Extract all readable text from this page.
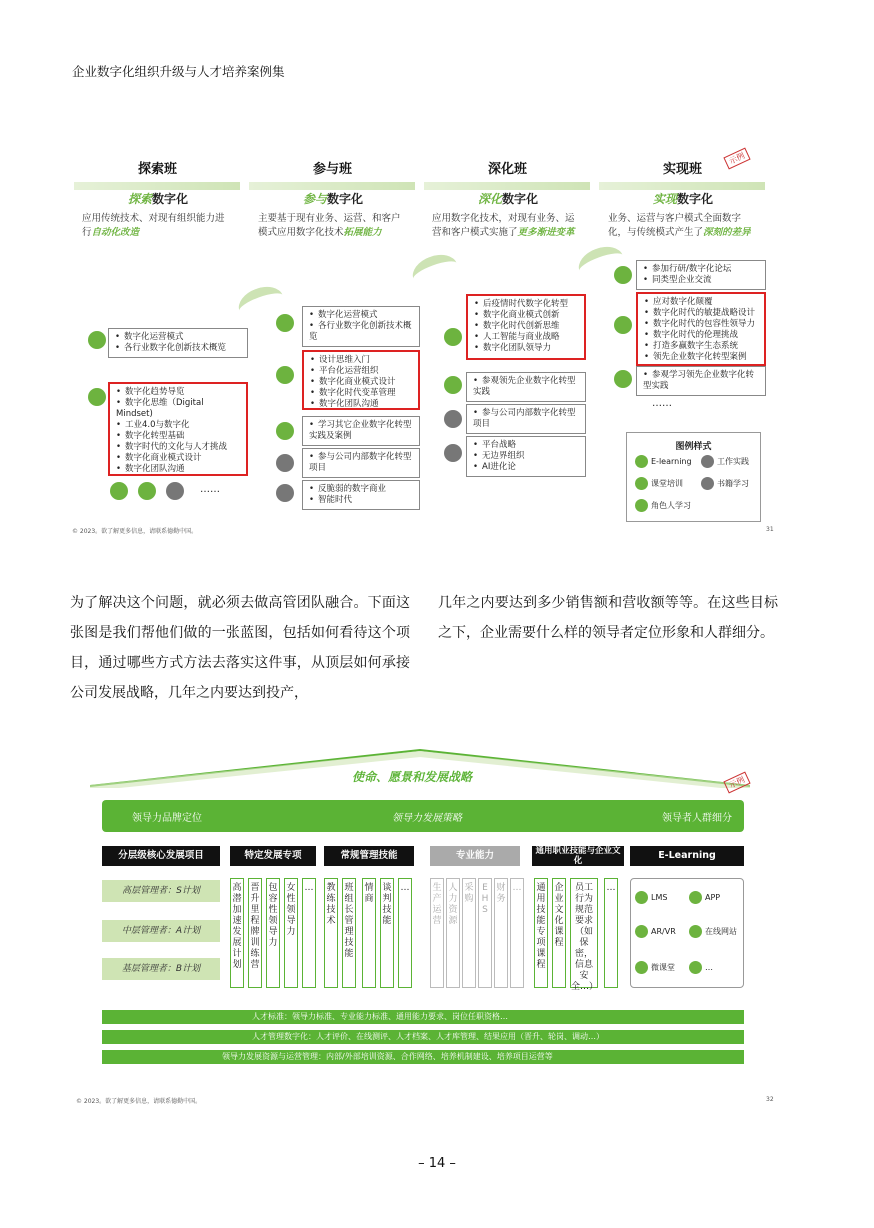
企业数字化组织升级与人才培养案例集
探索班	参与班	深化班	实现班
示例
探索数字化	参与数字化	深化数字化	实现数字化
应用传统技术、对现有组织能力进行自动化改造
主要基于现有业务、运营、和客户模式应用数字化技术拓展能力
应用数字化技术，对现有业务、运营和客户模式实施了更多渐进变革
业务、运营与客户模式全面数字化，与传统模式产生了深刻的差异
• 数字化运营模式
• 各行业数字化创新技术概览
• 数字化趋势导览
• 数字化思维（Digital Mindset)
• 工业4.0与数字化
• 数字化转型基础
• 数字时代的文化与人才挑战
• 数字化商业模式设计
• 数字化团队沟通
……
• 数字化运营模式
• 各行业数字化创新技术概览
• 设计思维入门
• 平台化运营组织
• 数字化商业模式设计
• 数字化时代变革管理
• 数字化团队沟通
• 学习其它企业数字化转型实践及案例
• 参与公司内部数字化转型项目
• 反脆弱的数字商业
• 智能时代
• 后疫情时代数字化转型
• 数字化商业模式创新
• 数字化时代创新思维
• 人工智能与商业战略
• 数字化团队领导力
• 参观领先企业数字化转型实践
• 参与公司内部数字化转型项目
• 平台战略
• 无边界组织
• AI进化论
• 参加行研/数字化论坛
• 同类型企业交流
• 应对数字化颠覆
• 数字化时代的敏捷战略设计
• 数字化时代的包容性领导力
• 数字化时代的伦理挑战
• 打造多赢数字生态系统
• 领先企业数字化转型案例
• 参观学习领先企业数字化转型实践
……
图例样式
E-learning	工作实践
课堂培训	书籍学习
角色人学习
© 2023。欲了解更多信息，请联系德勤中国。	31
为了解决这个问题，就必须去做高管团队融合。下面这张图是我们帮他们做的一张蓝图，包括如何看待这个项目，通过哪些方式方法去落实这件事，从顶层如何承接公司发展战略，几年之内要达到投产，
几年之内要达到多少销售额和营收额等等。在这些目标之下，企业需要什么样的领导者定位形象和人群细分。
使命、愿景和发展战略	示例
领导力品牌定位	领导力发展策略	领导者人群细分
分层级核心发展项目	特定发展专项	常规管理技能	专业能力	通用职业技能与企业文化	E-Learning
高层管理者：S计划
中层管理者：A计划
基层管理者：B计划
高潜加速发展计划
晋升里程牌训练营
包容性领导力
女性领导力
… 教练技术
班组长管理技能
情商
谈判技能
…	生产运营
人力资源
采购
EHS
财务
… 通用技能专项课程
企业文化课程
员工行为规范要求（如保密，信息安全…）
…
LMS	APP
AR/VR	在线网站
微课堂	…
人才标准：领导力标准、专业能力标准、通用能力要求、岗位任职资格…
人才管理数字化：人才评价、在线测评、人才档案、人才库管理、结果应用（晋升、轮岗、调动…）
领导力发展资源与运营管理：内部/外部培训资源、合作网络、培养机制建设、培养项目运营等
© 2023。欲了解更多信息，请联系德勤中国。	32
– 14 –
